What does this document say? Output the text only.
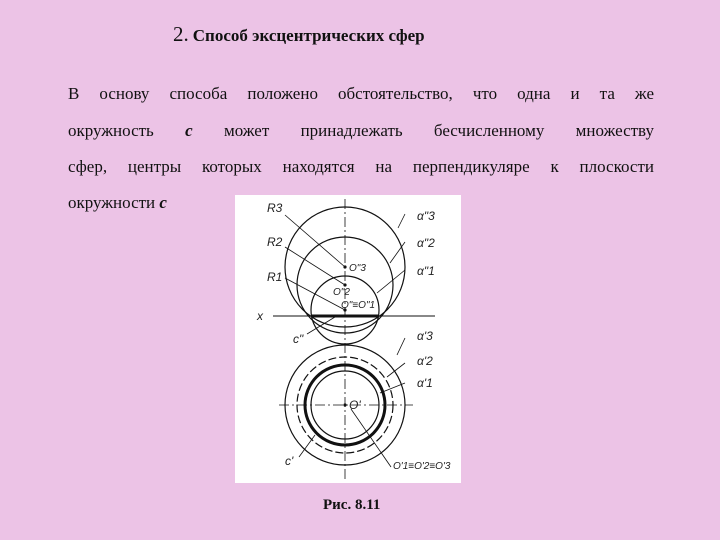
2. Способ эксцентрических сфер
В основу способа положено обстоятельство, что одна и та же
окружность с может принадлежать бесчисленному множеству
сфер, центры которых находятся на перпендикуляре к плоскости
окружности с	R3
R2
R1
x
c"
O"3
O"2
O"≡O"1
α"3
α"2
α"1
α'3
α'2
α'1
O'
c'	O'1≡O'2≡O'3
Рис. 8.11
